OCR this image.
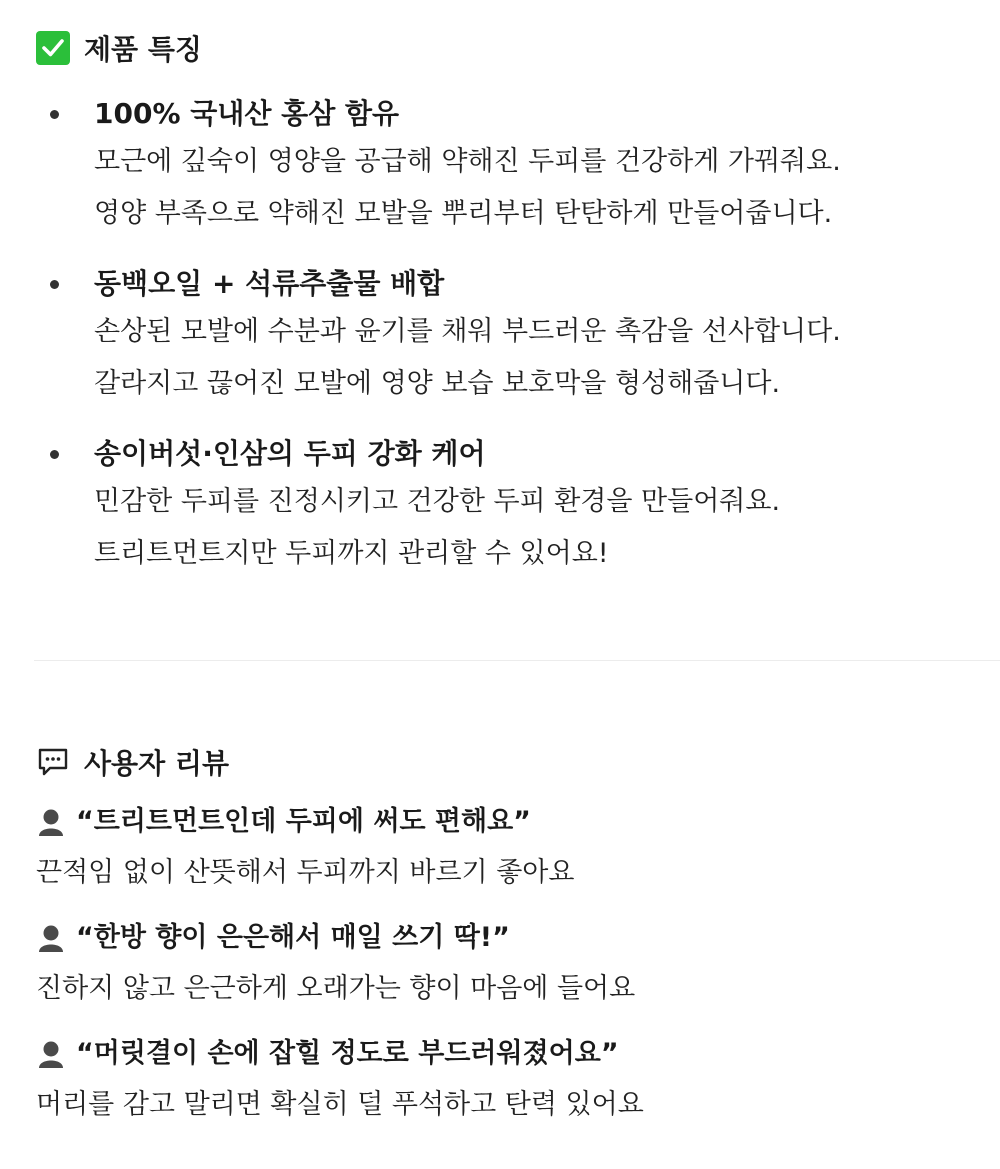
제품 특징
100% 국내산 홍삼 함유
모근에 깊숙이 영양을 공급해 약해진 두피를 건강하게 가꿔줘요.
영양 부족으로 약해진 모발을 뿌리부터 탄탄하게 만들어줍니다.
동백오일 + 석류추출물 배합
손상된 모발에 수분과 윤기를 채워 부드러운 촉감을 선사합니다.
갈라지고 끊어진 모발에 영양 보습 보호막을 형성해줍니다.
송이버섯·인삼의 두피 강화 케어
민감한 두피를 진정시키고 건강한 두피 환경을 만들어줘요.
트리트먼트지만 두피까지 관리할 수 있어요!
사용자 리뷰
“트리트먼트인데 두피에 써도 편해요”
끈적임 없이 산뜻해서 두피까지 바르기 좋아요
“한방 향이 은은해서 매일 쓰기 딱!”
진하지 않고 은근하게 오래가는 향이 마음에 들어요
“머릿결이 손에 잡힐 정도로 부드러워졌어요”
머리를 감고 말리면 확실히 덜 푸석하고 탄력 있어요
